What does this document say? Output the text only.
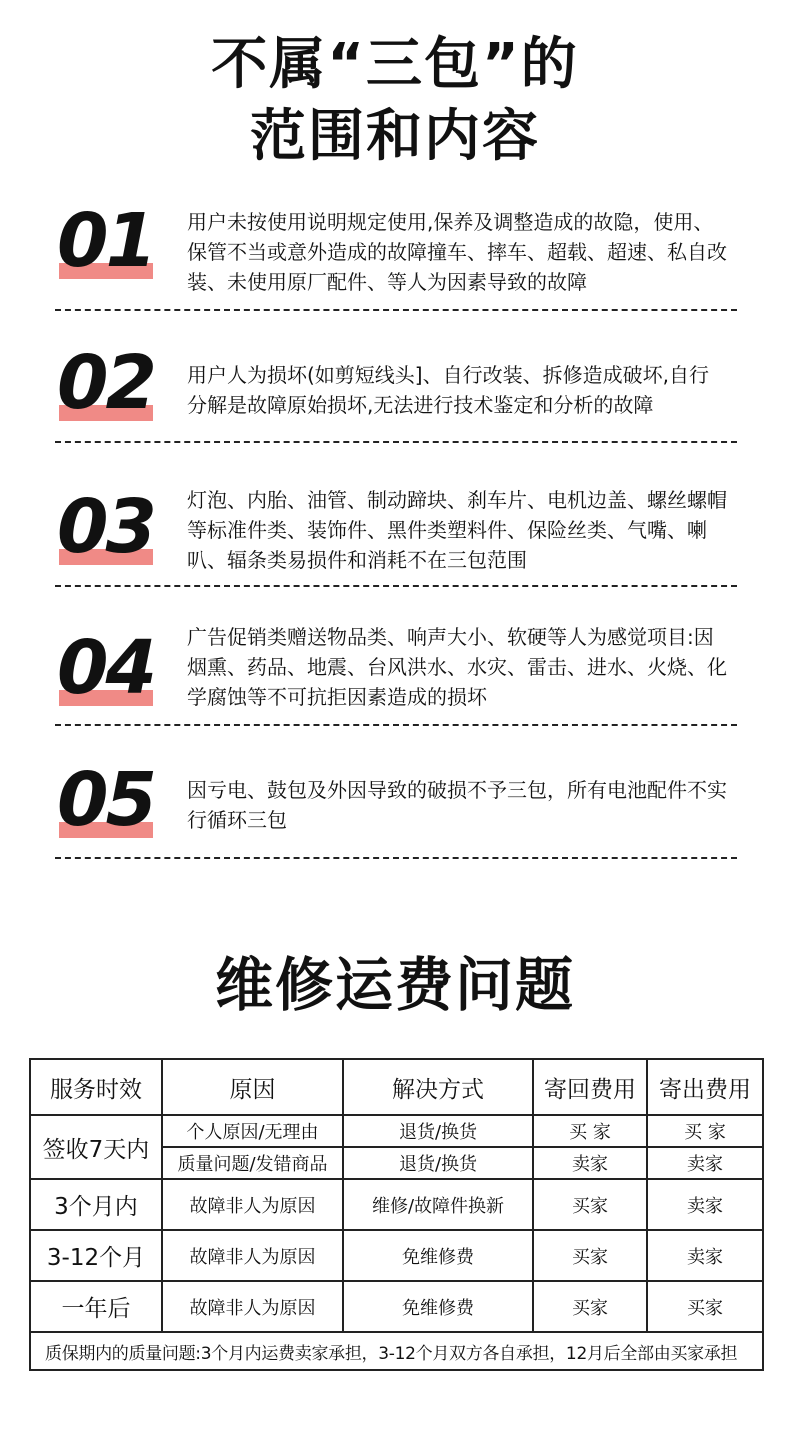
不属“三包”的
范围和内容
01 用户未按使用说明规定使用,保养及调整造成的故隐，使用、保管不当或意外造成的故障撞车、摔车、超载、超速、私自改装、未使用原厂配件、等人为因素导致的故障
02 用户人为损坏(如剪短线头]、自行改装、拆修造成破坏,自行分解是故障原始损坏,无法进行技术鉴定和分析的故障
03 灯泡、内胎、油管、制动蹄块、刹车片、电机边盖、螺丝螺帽等标准件类、装饰件、黑件类塑料件、保险丝类、气嘴、喇叭、辐条类易损件和消耗不在三包范围
04 广告促销类赠送物品类、响声大小、软硬等人为感觉项目:因烟熏、药品、地震、台风洪水、水灾、雷击、进水、火烧、化学腐蚀等不可抗拒因素造成的损坏
05 因亏电、鼓包及外因导致的破损不予三包，所有电池配件不实行循环三包
维修运费问题
服务时效	原因	解决方式	寄回费用	寄出费用
签收7天内	个人原因/无理由	退货/换货	买 家	买 家
	质量问题/发错商品	退货/换货	卖家	卖家
3个月内	故障非人为原因	维修/故障件换新	买家	卖家
3-12个月	故障非人为原因	免维修费	买家	卖家
一年后	故障非人为原因	免维修费	买家	买家
质保期内的质量问题:3个月内运费卖家承担，3-12个月双方各自承担，12月后全部由买家承担				
